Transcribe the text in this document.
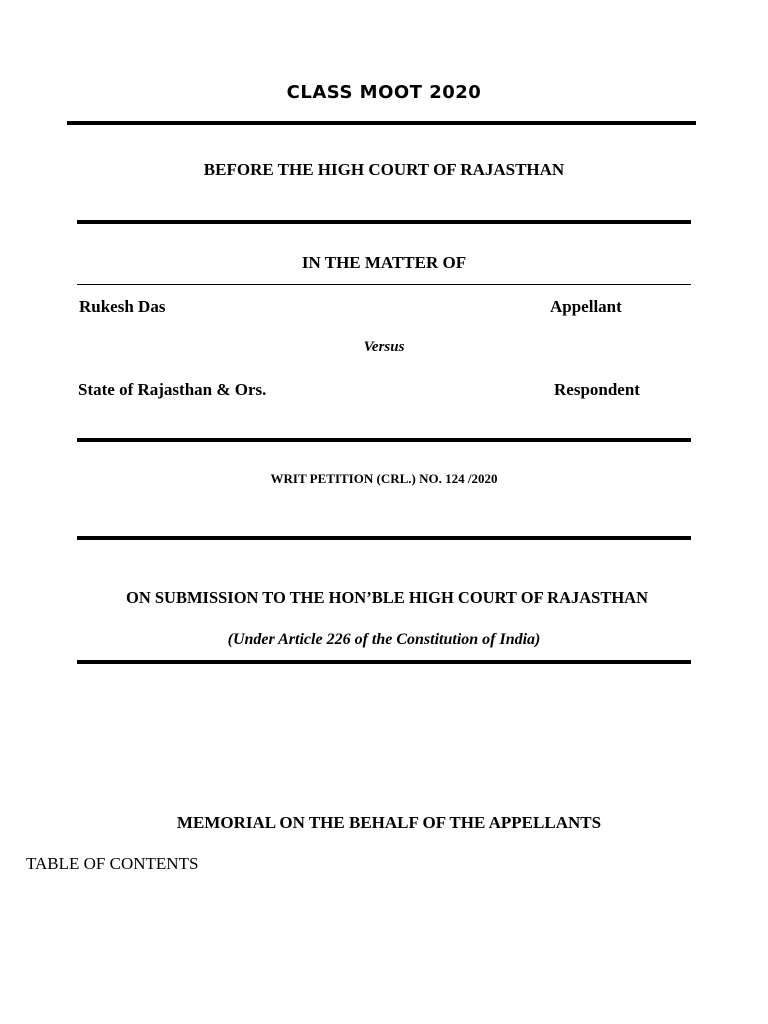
CLASS MOOT 2020
BEFORE THE HIGH COURT OF RAJASTHAN
IN THE MATTER OF
Rukesh Das	Appellant
Versus
State of Rajasthan & Ors.	Respondent
WRIT PETITION (CRL.) NO. 124 /2020
ON SUBMISSION TO THE HON’BLE HIGH COURT OF RAJASTHAN
(Under Article 226 of the Constitution of India)
MEMORIAL ON THE BEHALF OF THE APPELLANTS
TABLE OF CONTENTS
